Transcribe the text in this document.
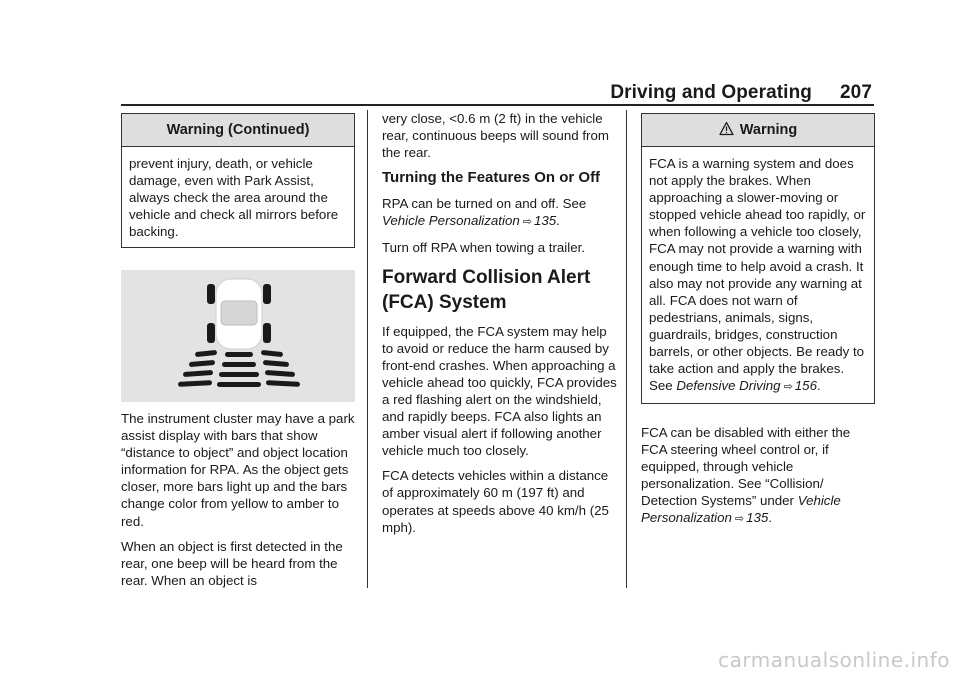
Driving and Operating 207
Warning (Continued)
prevent injury, death, or vehicle damage, even with Park Assist, always check the area around the vehicle and check all mirrors before backing.

The instrument cluster may have a park assist display with bars that show “distance to object” and object location information for RPA. As the object gets closer, more bars light up and the bars change color from yellow to amber to red.

When an object is first detected in the rear, one beep will be heard from the rear. When an object is

very close, <0.6 m (2 ft) in the vehicle rear, continuous beeps will sound from the rear.

Turning the Features On or Off

RPA can be turned on and off. See Vehicle Personalization ⇨ 135.

Turn off RPA when towing a trailer.

Forward Collision Alert (FCA) System

If equipped, the FCA system may help to avoid or reduce the harm caused by front-end crashes. When approaching a vehicle ahead too quickly, FCA provides a red flashing alert on the windshield, and rapidly beeps. FCA also lights an amber visual alert if following another vehicle much too closely.

FCA detects vehicles within a distance of approximately 60 m (197 ft) and operates at speeds above 40 km/h (25 mph).

Warning
FCA is a warning system and does not apply the brakes. When approaching a slower-moving or stopped vehicle ahead too rapidly, or when following a vehicle too closely, FCA may not provide a warning with enough time to help avoid a crash. It also may not provide any warning at all. FCA does not warn of pedestrians, animals, signs, guardrails, bridges, construction barrels, or other objects. Be ready to take action and apply the brakes. See Defensive Driving ⇨ 156.

FCA can be disabled with either the FCA steering wheel control or, if equipped, through vehicle personalization. See “Collision/ Detection Systems” under Vehicle Personalization ⇨ 135.

carmanualsonline.info
